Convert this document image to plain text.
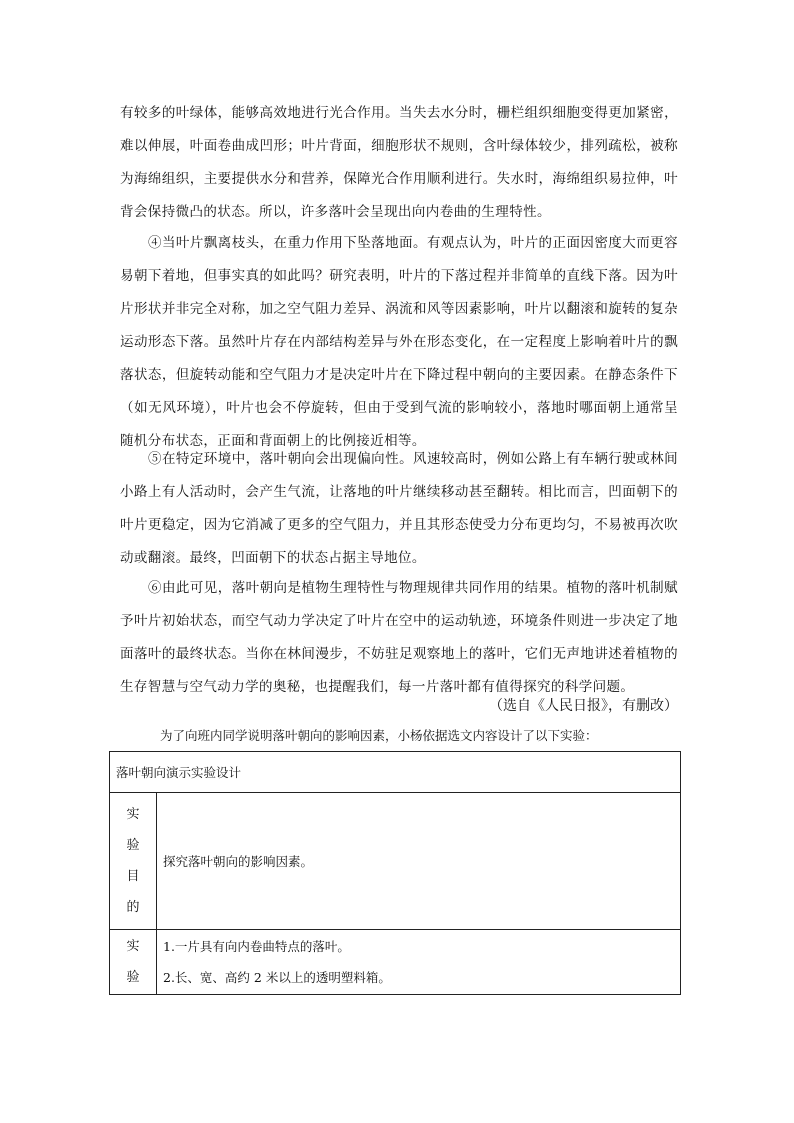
有较多的叶绿体，能够高效地进行光合作用。当失去水分时，栅栏组织细胞变得更加紧密，难以伸展，叶面卷曲成凹形；叶片背面，细胞形状不规则，含叶绿体较少，排列疏松，被称为海绵组织，主要提供水分和营养，保障光合作用顺利进行。失水时，海绵组织易拉伸，叶背会保持微凸的状态。所以，许多落叶会呈现出向内卷曲的生理特性。

④当叶片飘离枝头，在重力作用下坠落地面。有观点认为，叶片的正面因密度大而更容易朝下着地，但事实真的如此吗？研究表明，叶片的下落过程并非简单的直线下落。因为叶片形状并非完全对称，加之空气阻力差异、涡流和风等因素影响，叶片以翻滚和旋转的复杂运动形态下落。虽然叶片存在内部结构差异与外在形态变化，在一定程度上影响着叶片的飘落状态，但旋转动能和空气阻力才是决定叶片在下降过程中朝向的主要因素。在静态条件下（如无风环境），叶片也会不停旋转，但由于受到气流的影响较小，落地时哪面朝上通常呈随机分布状态，正面和背面朝上的比例接近相等。

⑤在特定环境中，落叶朝向会出现偏向性。风速较高时，例如公路上有车辆行驶或林间小路上有人活动时，会产生气流，让落地的叶片继续移动甚至翻转。相比而言，凹面朝下的叶片更稳定，因为它消减了更多的空气阻力，并且其形态使受力分布更均匀，不易被再次吹动或翻滚。最终，凹面朝下的状态占据主导地位。

⑥由此可见，落叶朝向是植物生理特性与物理规律共同作用的结果。植物的落叶机制赋予叶片初始状态，而空气动力学决定了叶片在空中的运动轨迹，环境条件则进一步决定了地面落叶的最终状态。当你在林间漫步，不妨驻足观察地上的落叶，它们无声地讲述着植物的生存智慧与空气动力学的奥秘，也提醒我们，每一片落叶都有值得探究的科学问题。

（选自《人民日报》，有删改）
为了向班内同学说明落叶朝向的影响因素，小杨依据选文内容设计了以下实验：
落叶朝向演示实验设计	

实
验
目
的	探究落叶朝向的影响因素。

实
验	1.一片具有向内卷曲特点的落叶。
2.长、宽、高约 2 米以上的透明塑料箱。
